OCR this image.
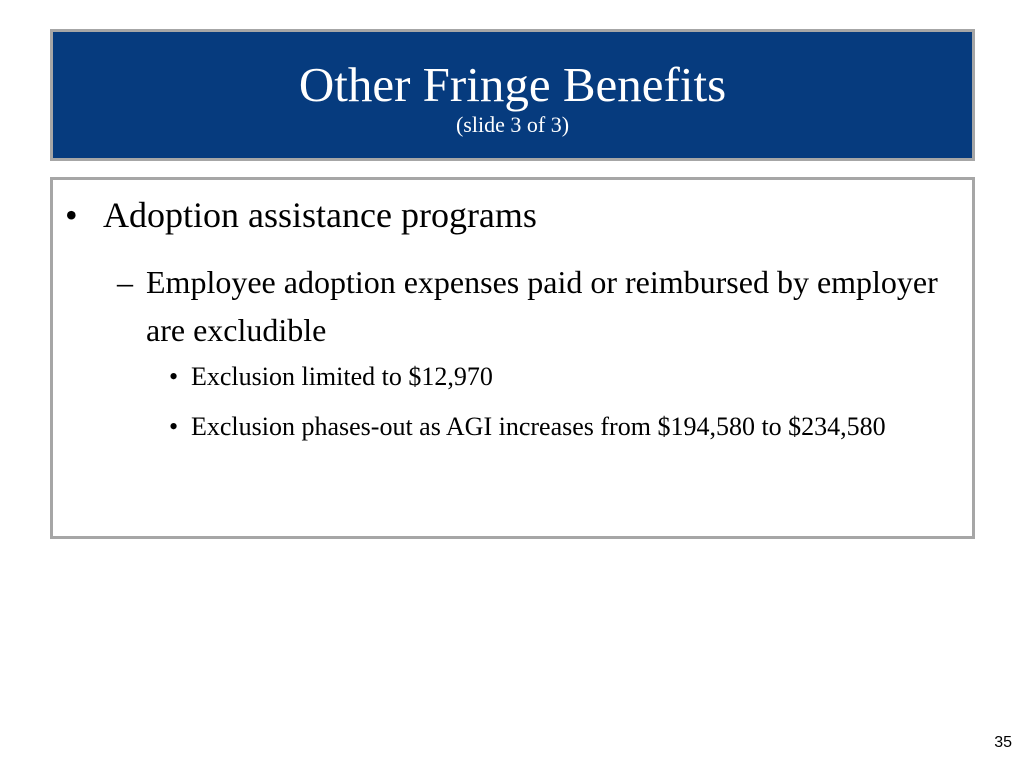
Other Fringe Benefits
(slide 3 of 3)
• Adoption assistance programs
– Employee adoption expenses paid or reimbursed by employer are excludible
• Exclusion limited to $12,970
• Exclusion phases-out as AGI increases from $194,580 to $234,580
35
